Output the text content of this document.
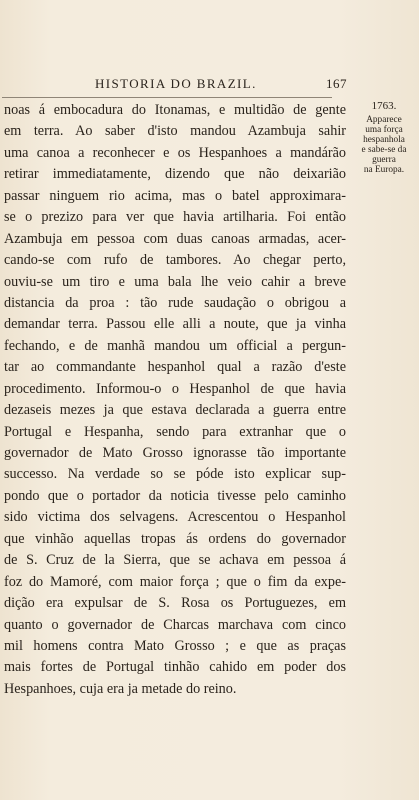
HISTORIA DO BRAZIL.	167
noas á embocadura do Itonamas, e multidão de gente
em terra. Ao saber d'isto mandou Azambuja sahir
uma canoa a reconhecer e os Hespanhoes a mandárão
retirar immediatamente, dizendo que não deixarião
passar ninguem rio acima, mas o batel approximara-
se o prezizo para ver que havia artilharia. Foi então
Azambuja em pessoa com duas canoas armadas, acer-
cando-se com rufo de tambores. Ao chegar perto,
ouviu-se um tiro e uma bala lhe veio cahir a breve
distancia da proa : tão rude saudação o obrigou a
demandar terra. Passou elle alli a noute, que ja vinha
fechando, e de manhã mandou um official a pergun-
tar ao commandante hespanhol qual a razão d'este
procedimento. Informou-o o Hespanhol de que havia
dezaseis mezes ja que estava declarada a guerra entre
Portugal e Hespanha, sendo para extranhar que o
governador de Mato Grosso ignorasse tão importante
successo. Na verdade so se póde isto explicar sup-
pondo que o portador da noticia tivesse pelo caminho
sido victima dos selvagens. Acrescentou o Hespanhol
que vinhão aquellas tropas ás ordens do governador
de S. Cruz de la Sierra, que se achava em pessoa á
foz do Mamoré, com maior força ; que o fim da expe-
dição era expulsar de S. Rosa os Portuguezes, em
quanto o governador de Charcas marchava com cinco
mil homens contra Mato Grosso ; e que as praças
mais fortes de Portugal tinhão cahido em poder dos
Hespanhoes, cuja era ja metade do reino.
1763.
Apparece
uma força
hespanhola
e sabe-se da
guerra
na Europa.
